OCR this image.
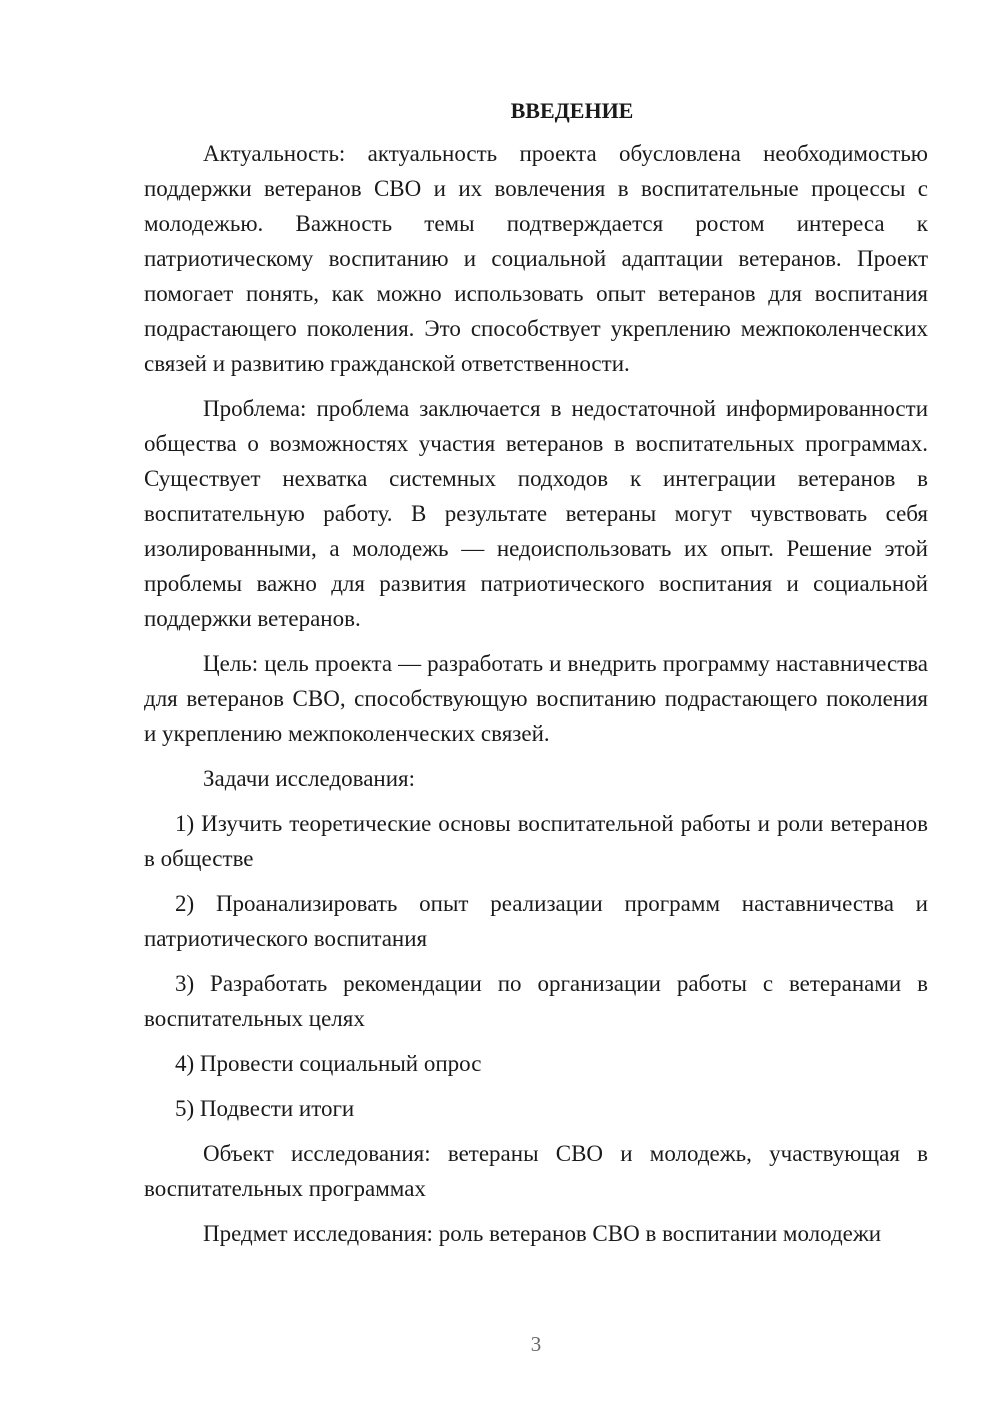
ВВЕДЕНИЕ

Актуальность: актуальность проекта обусловлена необходимостью поддержки ветеранов СВО и их вовлечения в воспитательные процессы с молодежью. Важность темы подтверждается ростом интереса к патриотическому воспитанию и социальной адаптации ветеранов. Проект помогает понять, как можно использовать опыт ветеранов для воспитания подрастающего поколения. Это способствует укреплению межпоколенческих связей и развитию гражданской ответственности.

Проблема: проблема заключается в недостаточной информированности общества о возможностях участия ветеранов в воспитательных программах. Существует нехватка системных подходов к интеграции ветеранов в воспитательную работу. В результате ветераны могут чувствовать себя изолированными, а молодежь — недоиспользовать их опыт. Решение этой проблемы важно для развития патриотического воспитания и социальной поддержки ветеранов.

Цель: цель проекта — разработать и внедрить программу наставничества для ветеранов СВО, способствующую воспитанию подрастающего поколения и укреплению межпоколенческих связей.

Задачи исследования:

1) Изучить теоретические основы воспитательной работы и роли ветеранов в обществе

2) Проанализировать опыт реализации программ наставничества и патриотического воспитания

3) Разработать рекомендации по организации работы с ветеранами в воспитательных целях

4) Провести социальный опрос

5) Подвести итоги

Объект исследования: ветераны СВО и молодежь, участвующая в воспитательных программах

Предмет исследования: роль ветеранов СВО в воспитании молодежи

3
